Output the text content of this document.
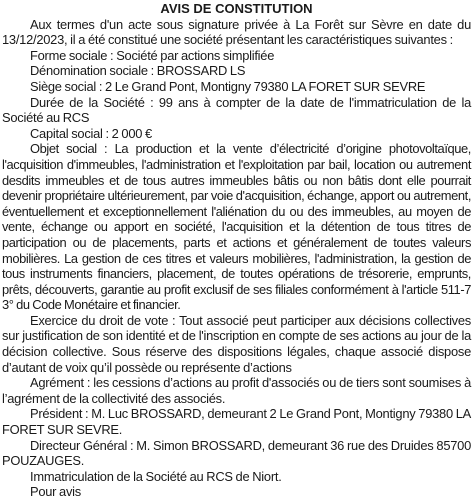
AVIS DE CONSTITUTION

Aux termes d'un acte sous signature privée à La Forêt sur Sèvre en date du 13/12/2023, il a été constitué une société présentant les caractéristiques suivantes :

Forme sociale : Société par actions simplifiée

Dénomination sociale : BROSSARD LS

Siège social : 2 Le Grand Pont, Montigny 79380 LA FORET SUR SEVRE

Durée de la Société : 99 ans à compter de la date de l'immatriculation de la Société au RCS

Capital social : 2 000 €

Objet social : La production et la vente d’électricité d’origine photovoltaïque, l'acquisition d'immeubles, l'administration et l'exploitation par bail, location ou autrement desdits immeubles et de tous autres immeubles bâtis ou non bâtis dont elle pourrait devenir propriétaire ultérieurement, par voie d'acquisition, échange, apport ou autrement, éventuellement et exceptionnellement l'aliénation du ou des immeubles, au moyen de vente, échange ou apport en société, l'acquisition et la détention de tous titres de participation ou de placements, parts et actions et généralement de toutes valeurs mobilières. La gestion de ces titres et valeurs mobilières, l'administration, la gestion de tous instruments financiers, placement, de toutes opérations de trésorerie, emprunts, prêts, découverts, garantie au profit exclusif de ses filiales conformément à l'article 511-7 3° du Code Monétaire et financier.

Exercice du droit de vote : Tout associé peut participer aux décisions collectives sur justification de son identité et de l'inscription en compte de ses actions au jour de la décision collective. Sous réserve des dispositions légales, chaque associé dispose d’autant de voix qu’il possède ou représente d’actions

Agrément : les cessions d’actions au profit d'associés ou de tiers sont soumises à l’agrément de la collectivité des associés.

Président : M. Luc BROSSARD, demeurant 2 Le Grand Pont, Montigny 79380 LA FORET SUR SEVRE.

Directeur Général : M. Simon BROSSARD, demeurant 36 rue des Druides 85700 POUZAUGES.

Immatriculation de la Société au RCS de Niort.

Pour avis
